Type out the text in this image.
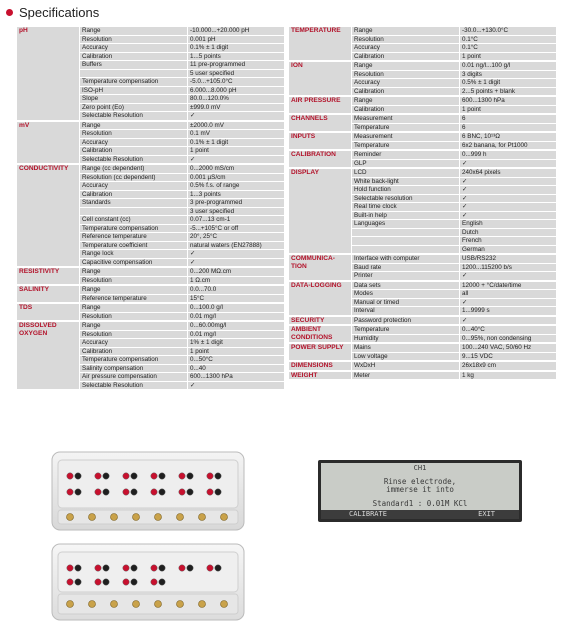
Specifications
pH	Range	-10.000...+20.000 pH
	Resolution	0.001 pH
	Accuracy	0.1% ± 1 digit
	Calibration	1...5 points
	Buffers	11 pre-programmed
		5 user specified
	Temperature compensation	-5.0...+105.0°C
	ISO-pH	6.000...8.000 pH
	Slope	80.0...120.0%
	Zero point (Eo)	±999.0 mV
	Selectable Resolution	✓
mV	Range	±2000.0 mV
	Resolution	0.1 mV
	Accuracy	0.1% ± 1 digit
	Calibration	1 point
	Selectable Resolution	✓
CONDUCTIVITY	Range (cc dependent)	0...2000 mS/cm
	Resolution (cc dependent)	0.001 µS/cm
	Accuracy	0.5% f.s. of range
	Calibration	1...3 points
	Standards	3 pre-programmed
		3 user specified
	Cell constant (cc)	0.07...13 cm-1
	Temperature compensation	-5...+105°C or off
	Reference temperature	20°, 25°C
	Temperature coefficient	natural waters (EN27888)
	Range lock	✓
	Capacitive compensation	✓
RESISTIVITY	Range	0...200 MΩ.cm
	Resolution	1 Ω.cm
SALINITY	Range	0.0...70.0
	Reference temperature	15°C
TDS	Range	0...100.0 g/l
	Resolution	0.01 mg/l
DISSOLVED OXYGEN	Range	0...60.00mg/l
	Resolution	0.01 mg/l
	Accuracy	1% ± 1 digit
	Calibration	1 point
	Temperature compensation	0...50°C
	Salinity compensation	0...40
	Air pressure compensation	600...1300 hPa
	Selectable Resolution	✓
TEMPERATURE	Range	-30.0...+130.0°C
	Resolution	0.1°C
	Accuracy	0.1°C
	Calibration	1 point
ION	Range	0.01 ng/l...100 g/l
	Resolution	3 digits
	Accuracy	0.5% ± 1 digit
	Calibration	2...5 points + blank
AIR PRESSURE	Range	600...1300 hPa
	Calibration	1 point
CHANNELS	Measurement	6
	Temperature	6
INPUTS	Measurement	6 BNC, 10¹³Ω
	Temperature	6x2 banana, for Pt1000
CALIBRATION	Reminder	0...999 h
	GLP	✓
DISPLAY	LCD	240x64 pixels
	White back-light	✓
	Hold function	✓
	Selectable resolution	✓
	Real time clock	✓
	Built-in help	✓
	Languages	English
		Dutch
		French
		German
COMMUNICA-TION	Interface with computer	USB/RS232
	Baud rate	1200...115200 b/s
	Printer	✓
DATA-LOGGING	Data sets	12000 + °C/date/time
	Modes	all
	Manual or timed	✓
	Interval	1...9999 s
SECURITY	Password protection	✓
AMBIENT CONDITIONS	Temperature	0...40°C
	Humidity	0...95%, non condensing
POWER SUPPLY	Mains	100...240 VAC, 50/60 Hz
	Low voltage	9...15 VDC
DIMENSIONS	WxDxH	26x18x9 cm
WEIGHT	Meter	1 kg
CH1
Rinse electrode,
immerse it into
Standard1 : 0.01M KCl
CALIBRATE	EXIT
